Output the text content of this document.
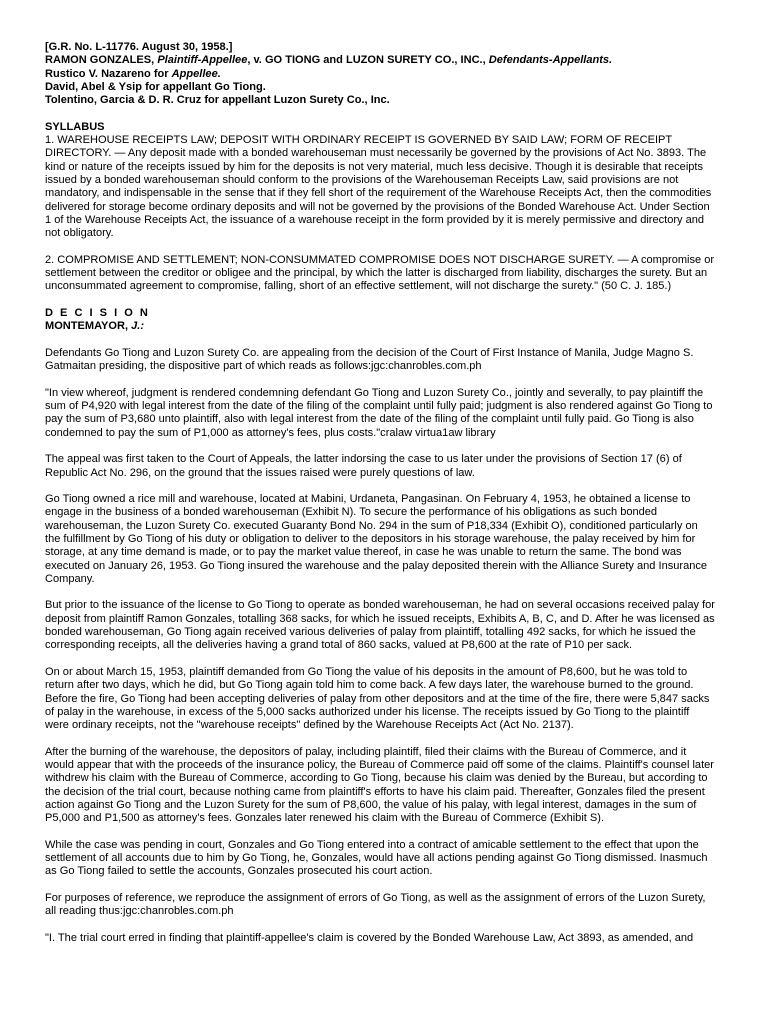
[G.R. No. L-11776. August 30, 1958.]
RAMON GONZALES, Plaintiff-Appellee, v. GO TIONG and LUZON SURETY CO., INC., Defendants-Appellants.
Rustico V. Nazareno for Appellee.
David, Abel & Ysip for appellant Go Tiong.
Tolentino, Garcia & D. R. Cruz for appellant Luzon Surety Co., Inc.
SYLLABUS
1. WAREHOUSE RECEIPTS LAW; DEPOSIT WITH ORDINARY RECEIPT IS GOVERNED BY SAID LAW; FORM OF RECEIPT DIRECTORY. — Any deposit made with a bonded warehouseman must necessarily be governed by the provisions of Act No. 3893. The kind or nature of the receipts issued by him for the deposits is not very material, much less decisive. Though it is desirable that receipts issued by a bonded warehouseman should conform to the provisions of the Warehouseman Receipts Law, said provisions are not mandatory, and indispensable in the sense that if they fell short of the requirement of the Warehouse Receipts Act, then the commodities delivered for storage become ordinary deposits and will not be governed by the provisions of the Bonded Warehouse Act. Under Section 1 of the Warehouse Receipts Act, the issuance of a warehouse receipt in the form provided by it is merely permissive and directory and not obligatory.

2. COMPROMISE AND SETTLEMENT; NON-CONSUMMATED COMPROMISE DOES NOT DISCHARGE SURETY. — A compromise or settlement between the creditor or obligee and the principal, by which the latter is discharged from liability, discharges the surety. But an unconsummated agreement to compromise, falling, short of an effective settlement, will not discharge the surety." (50 C. J. 185.)

D E C I S I O N
MONTEMAYOR, J.:

Defendants Go Tiong and Luzon Surety Co. are appealing from the decision of the Court of First Instance of Manila, Judge Magno S. Gatmaitan presiding, the dispositive part of which reads as follows:jgc:chanrobles.com.ph

"In view whereof, judgment is rendered condemning defendant Go Tiong and Luzon Surety Co., jointly and severally, to pay plaintiff the sum of P4,920 with legal interest from the date of the filing of the complaint until fully paid; judgment is also rendered against Go Tiong to pay the sum of P3,680 unto plaintiff, also with legal interest from the date of the filing of the complaint until fully paid. Go Tiong is also condemned to pay the sum of P1,000 as attorney's fees, plus costs."cralaw virtua1aw library

The appeal was first taken to the Court of Appeals, the latter indorsing the case to us later under the provisions of Section 17 (6) of Republic Act No. 296, on the ground that the issues raised were purely questions of law.

Go Tiong owned a rice mill and warehouse, located at Mabini, Urdaneta, Pangasinan. On February 4, 1953, he obtained a license to engage in the business of a bonded warehouseman (Exhibit N). To secure the performance of his obligations as such bonded warehouseman, the Luzon Surety Co. executed Guaranty Bond No. 294 in the sum of P18,334 (Exhibit O), conditioned particularly on the fulfillment by Go Tiong of his duty or obligation to deliver to the depositors in his storage warehouse, the palay received by him for storage, at any time demand is made, or to pay the market value thereof, in case he was unable to return the same. The bond was executed on January 26, 1953. Go Tiong insured the warehouse and the palay deposited therein with the Alliance Surety and Insurance Company.

But prior to the issuance of the license to Go Tiong to operate as bonded warehouseman, he had on several occasions received palay for deposit from plaintiff Ramon Gonzales, totalling 368 sacks, for which he issued receipts, Exhibits A, B, C, and D. After he was licensed as bonded warehouseman, Go Tiong again received various deliveries of palay from plaintiff, totalling 492 sacks, for which he issued the corresponding receipts, all the deliveries having a grand total of 860 sacks, valued at P8,600 at the rate of P10 per sack.

On or about March 15, 1953, plaintiff demanded from Go Tiong the value of his deposits in the amount of P8,600, but he was told to return after two days, which he did, but Go Tiong again told him to come back. A few days later, the warehouse burned to the ground. Before the fire, Go Tiong had been accepting deliveries of palay from other depositors and at the time of the fire, there were 5,847 sacks of palay in the warehouse, in excess of the 5,000 sacks authorized under his license. The receipts issued by Go Tiong to the plaintiff were ordinary receipts, not the "warehouse receipts" defined by the Warehouse Receipts Act (Act No. 2137).

After the burning of the warehouse, the depositors of palay, including plaintiff, filed their claims with the Bureau of Commerce, and it would appear that with the proceeds of the insurance policy, the Bureau of Commerce paid off some of the claims. Plaintiff's counsel later withdrew his claim with the Bureau of Commerce, according to Go Tiong, because his claim was denied by the Bureau, but according to the decision of the trial court, because nothing came from plaintiff's efforts to have his claim paid. Thereafter, Gonzales filed the present action against Go Tiong and the Luzon Surety for the sum of P8,600, the value of his palay, with legal interest, damages in the sum of P5,000 and P1,500 as attorney's fees. Gonzales later renewed his claim with the Bureau of Commerce (Exhibit S).

While the case was pending in court, Gonzales and Go Tiong entered into a contract of amicable settlement to the effect that upon the settlement of all accounts due to him by Go Tiong, he, Gonzales, would have all actions pending against Go Tiong dismissed. Inasmuch as Go Tiong failed to settle the accounts, Gonzales prosecuted his court action.

For purposes of reference, we reproduce the assignment of errors of Go Tiong, as well as the assignment of errors of the Luzon Surety, all reading thus:jgc:chanrobles.com.ph

"I. The trial court erred in finding that plaintiff-appellee's claim is covered by the Bonded Warehouse Law, Act 3893, as amended, and
